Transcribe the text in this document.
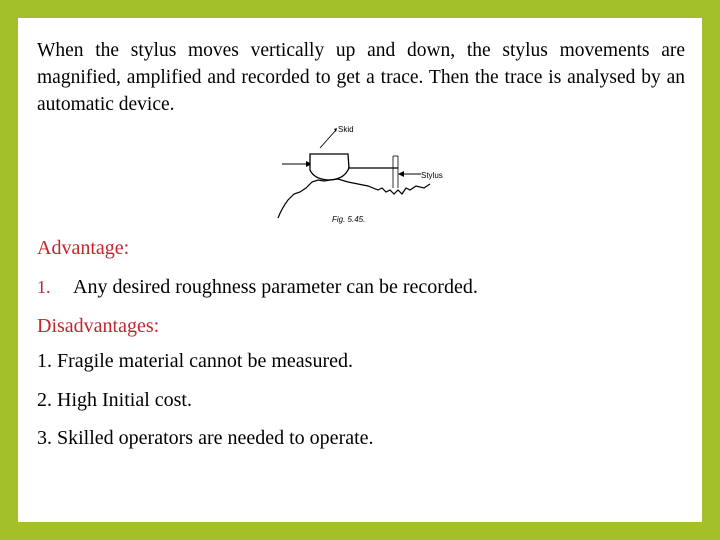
When the stylus moves vertically up and down, the stylus movements are magnified, amplified and recorded to get a trace. Then the trace is analysed by an automatic device.

Skid
Stylus
Fig. 5.45.
Advantage:
1. Any desired roughness parameter can be recorded.
Disadvantages:
1. Fragile material cannot be measured.
2. High Initial cost.
3. Skilled operators are needed to operate.
